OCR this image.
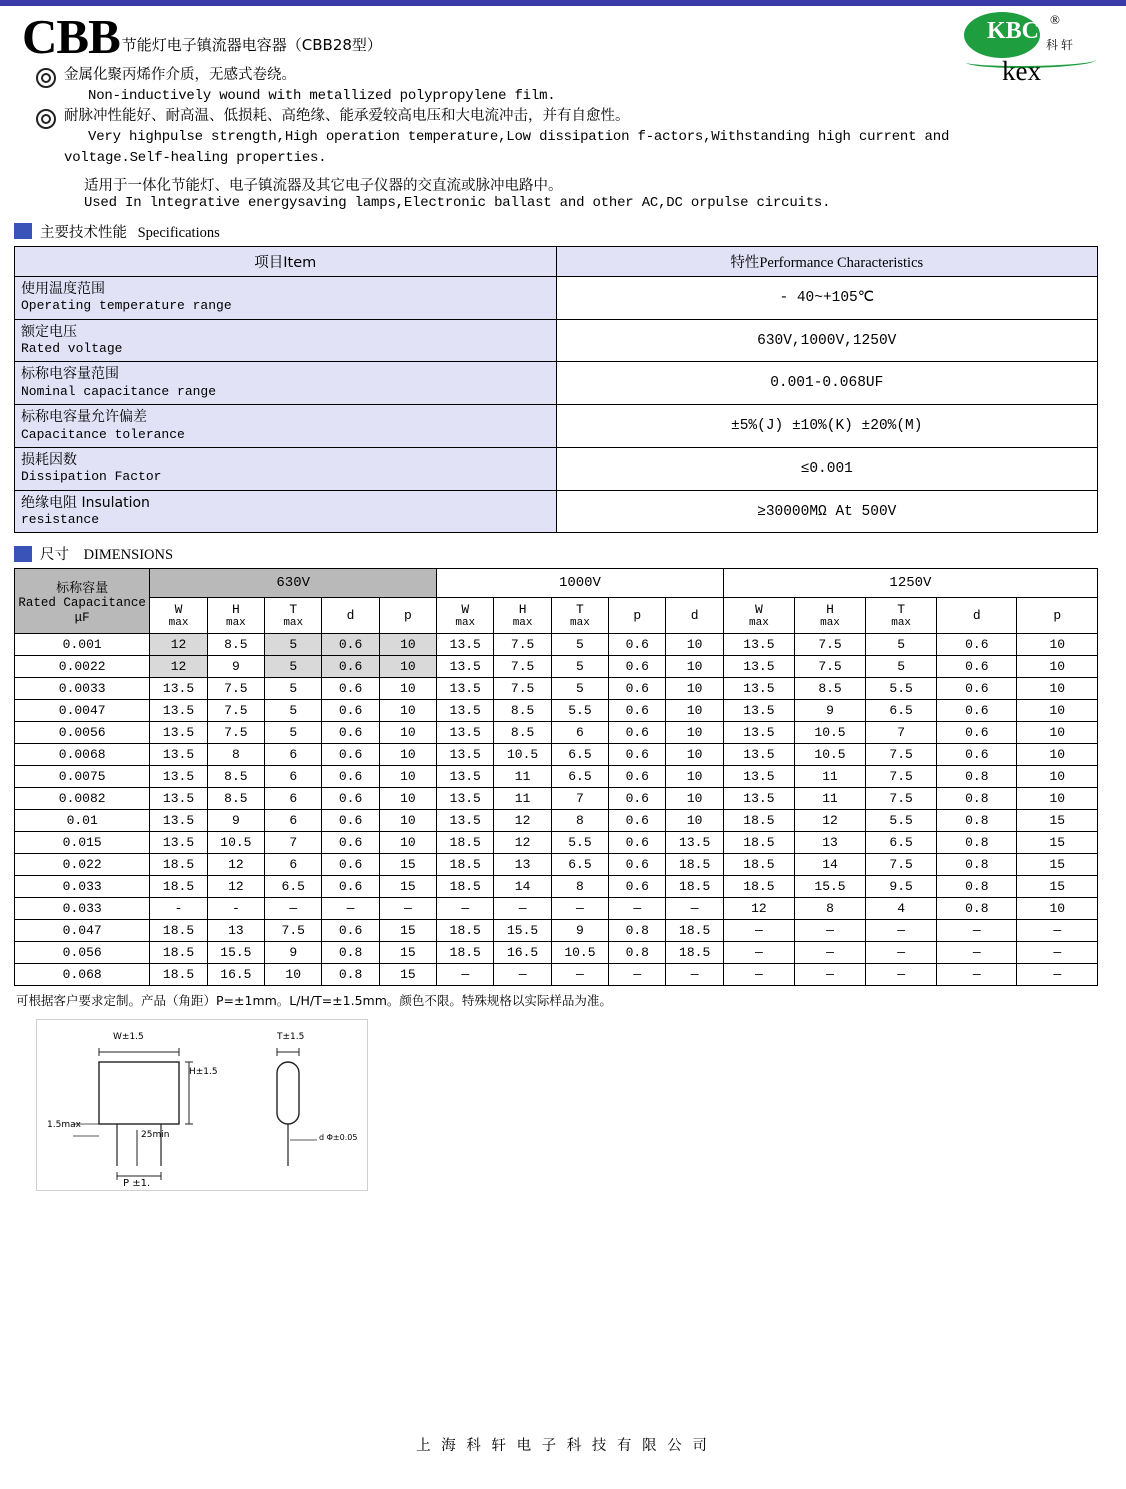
CBB 节能灯电子镇流器电容器（CBB28型）
KBC ®
科 轩
kex
金属化聚丙烯作介质，无感式卷绕。
Non-inductively wound with metallized polypropylene film.
耐脉冲性能好、耐高温、低损耗、高绝缘、能承爱较高电压和大电流冲击，并有自愈性。
Very highpulse strength,High operation temperature,Low dissipation f-actors,Withstanding high current and
voltage.Self-healing properties.
适用于一体化节能灯、电子镇流器及其它电子仪器的交直流或脉冲电路中。
Used In lntegrative energysaving lamps,Electronic ballast and other AC,DC orpulse circuits.
主要技术性能 Specifications
项目Item	特性Performance Characteristics

使用温度范围
Operating temperature range	- 40~+105℃

额定电压
Rated voltage	630V,1000V,1250V

标称电容量范围
Nominal capacitance range	0.001-0.068UF

标称电容量允许偏差
Capacitance tolerance	±5%(J) ±10%(K) ±20%(M)

损耗因数
Dissipation Factor	≤0.001

绝缘电阻 Insulation
resistance	≥30000MΩ At 500V
尺寸 DIMENSIONS
标称容量
Rated Capacitance
μF	630V					1000V					1250V				
	W
max	H
max	T
max	d	p	W
max	H
max	T
max	p	d	W
max	H
max	T
max	d	p
0.001	12	8.5	5	0.6	10	13.5	7.5	5	0.6	10	13.5	7.5	5	0.6	10
0.0022	12	9	5	0.6	10	13.5	7.5	5	0.6	10	13.5	7.5	5	0.6	10
0.0033	13.5	7.5	5	0.6	10	13.5	7.5	5	0.6	10	13.5	8.5	5.5	0.6	10
0.0047	13.5	7.5	5	0.6	10	13.5	8.5	5.5	0.6	10	13.5	9	6.5	0.6	10
0.0056	13.5	7.5	5	0.6	10	13.5	8.5	6	0.6	10	13.5	10.5	7	0.6	10
0.0068	13.5	8	6	0.6	10	13.5	10.5	6.5	0.6	10	13.5	10.5	7.5	0.6	10
0.0075	13.5	8.5	6	0.6	10	13.5	11	6.5	0.6	10	13.5	11	7.5	0.8	10
0.0082	13.5	8.5	6	0.6	10	13.5	11	7	0.6	10	13.5	11	7.5	0.8	10
0.01	13.5	9	6	0.6	10	13.5	12	8	0.6	10	18.5	12	5.5	0.8	15
0.015	13.5	10.5	7	0.6	10	18.5	12	5.5	0.6	13.5	18.5	13	6.5	0.8	15
0.022	18.5	12	6	0.6	15	18.5	13	6.5	0.6	18.5	18.5	14	7.5	0.8	15
0.033	18.5	12	6.5	0.6	15	18.5	14	8	0.6	18.5	18.5	15.5	9.5	0.8	15
0.033	-	-	—	—	—	—	—	—	—	—	12	8	4	0.8	10
0.047	18.5	13	7.5	0.6	15	18.5	15.5	9	0.8	18.5	—	—	—	—	—
0.056	18.5	15.5	9	0.8	15	18.5	16.5	10.5	0.8	18.5	—	—	—	—	—
0.068	18.5	16.5	10	0.8	15	—	—	—	—	—	—	—	—	—	—
可根据客户要求定制。产品（角距）P=±1mm。L/H/T=±1.5mm。颜色不限。特殊规格以实际样品为准。
W±1.5
H±1.5
T±1.5
1.5max
25min
P ±1.
d Φ±0.05
上 海 科 轩 电 子 科 技 有 限 公 司
